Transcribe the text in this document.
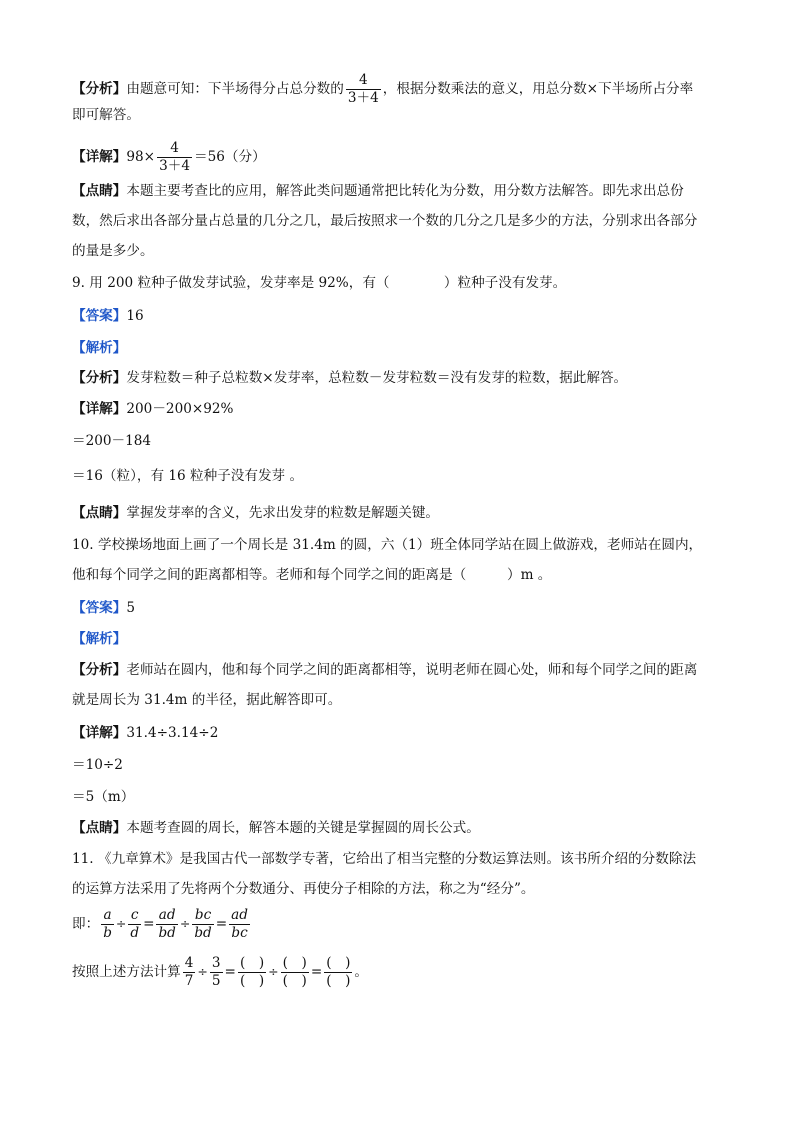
【分析】由题意可知：下半场得分占总分数的 $\frac{4}{3+4}$ ，根据分数乘法的意义，用总分数×下半场所占分率
即可解答。
【详解】$98\times \frac{4}{3+4} =56$（分）
【点睛】本题主要考查比的应用，解答此类问题通常把比转化为分数，用分数方法解答。即先求出总份
数，然后求出各部分量占总量的几分之几，最后按照求一个数的几分之几是多少的方法，分别求出各部分
的量是多少。
9. 用 200 粒种子做发芽试验，发芽率是 92%，有（　　　　）粒种子没有发芽。
【答案】16
【解析】
【分析】发芽粒数＝种子总粒数×发芽率，总粒数－发芽粒数＝没有发芽的粒数，据此解答。
【详解】200－200×92%
＝200－184
＝16（粒），有 16 粒种子没有发芽 。
【点睛】掌握发芽率的含义，先求出发芽的粒数是解题关键。
10. 学校操场地面上画了一个周长是 31.4m 的圆，六（1）班全体同学站在圆上做游戏，老师站在圆内，
他和每个同学之间的距离都相等。老师和每个同学之间的距离是（　　　）m 。
【答案】5
【解析】
【分析】老师站在圆内，他和每个同学之间的距离都相等，说明老师在圆心处，师和每个同学之间的距离
就是周长为 31.4m 的半径，据此解答即可。
【详解】31.4÷3.14÷2
＝10÷2
＝5（m）
【点睛】本题考查圆的周长，解答本题的关键是掌握圆的周长公式。
11. 《九章算术》是我国古代一部数学专著，它给出了相当完整的分数运算法则。该书所介绍的分数除法
的运算方法采用了先将两个分数通分、再使分子相除的方法，称之为“经分”。
即： $\frac{a}{b} \div \frac{c}{d} = \frac{ad}{bd} \div \frac{bc}{bd} = \frac{ad}{bc}$
按照上述方法计算 $\frac{4}{7} \div \frac{3}{5} = \frac{( )}{( )} \div \frac{( )}{( )} = \frac{( )}{( )}$ 。
